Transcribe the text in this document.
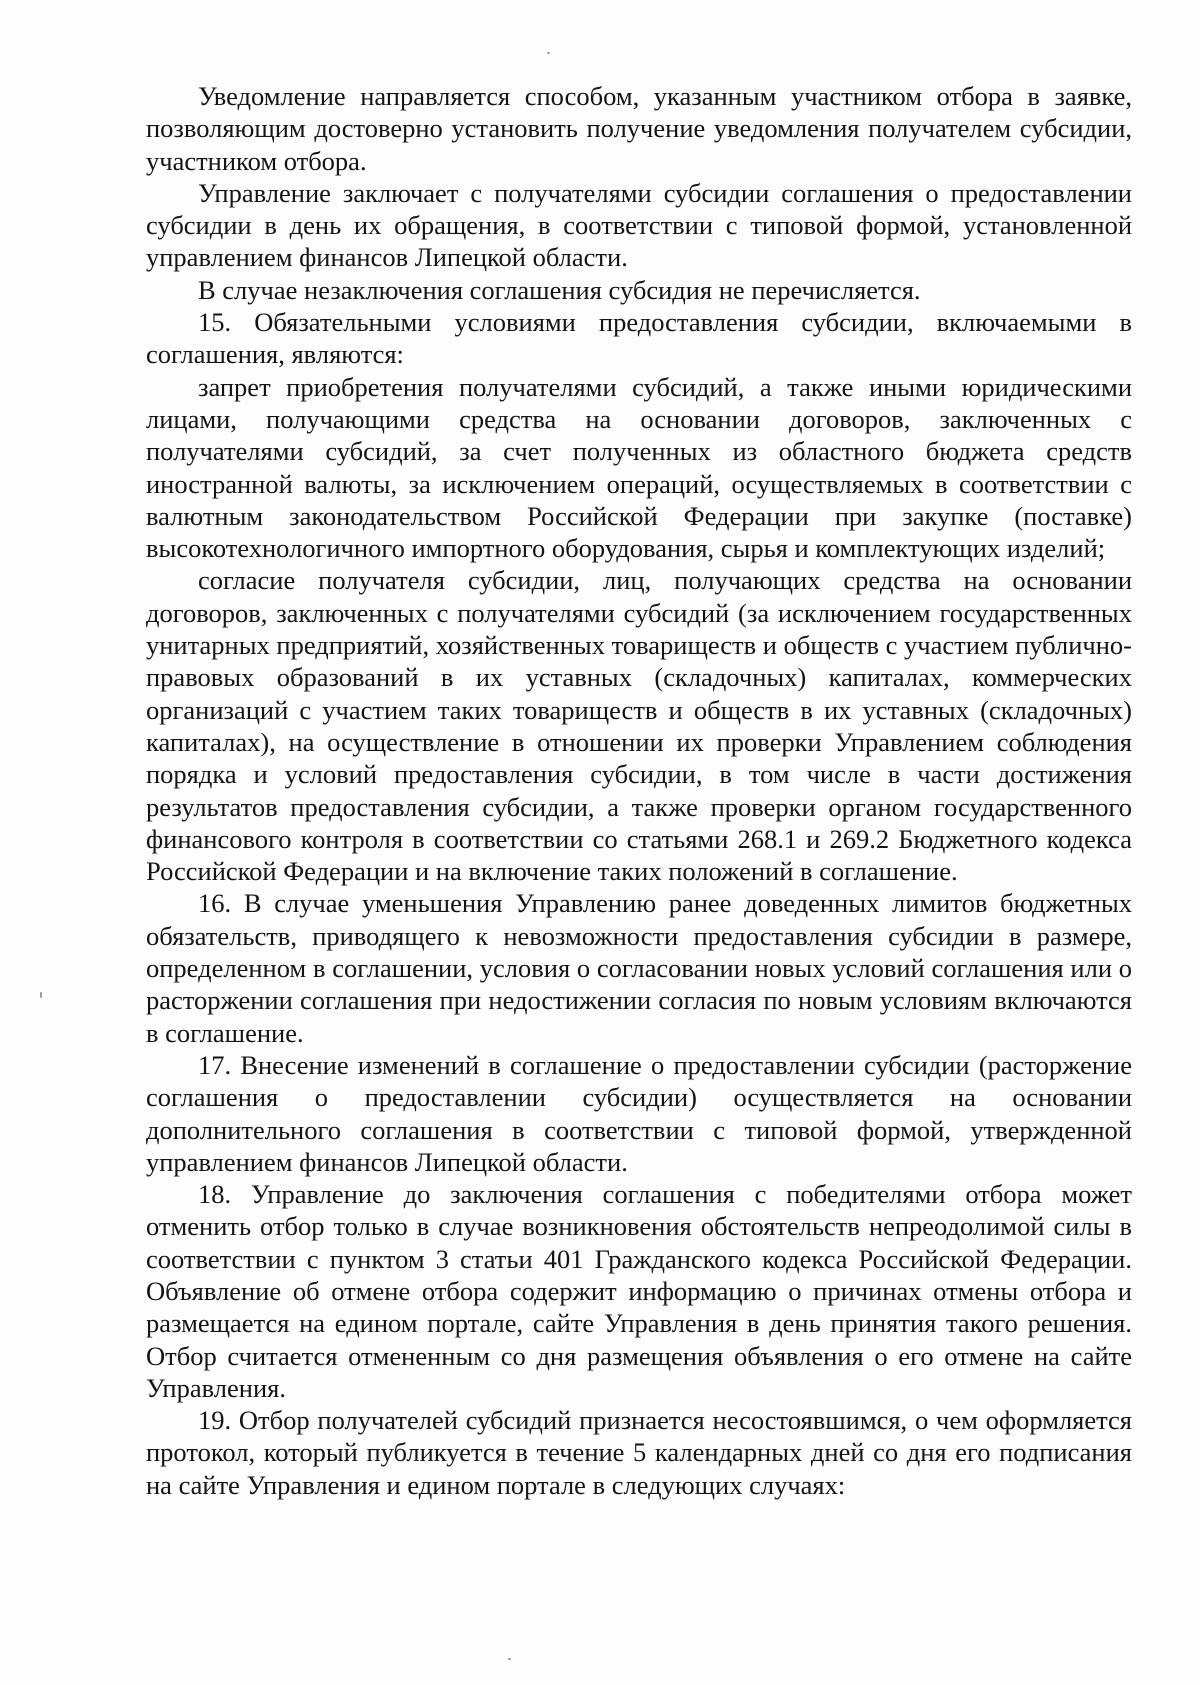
Уведомление направляется способом, указанным участником отбора в заявке, позволяющим достоверно установить получение уведомления получателем субсидии, участником отбора.

Управление заключает с получателями субсидии соглашения о предоставлении субсидии в день их обращения, в соответствии с типовой формой, установленной управлением финансов Липецкой области.

В случае незаключения соглашения субсидия не перечисляется.

15. Обязательными условиями предоставления субсидии, включаемыми в соглашения, являются:

запрет приобретения получателями субсидий, а также иными юридическими лицами, получающими средства на основании договоров, заключенных с получателями субсидий, за счет полученных из областного бюджета средств иностранной валюты, за исключением операций, осуществляемых в соответствии с валютным законодательством Российской Федерации при закупке (поставке) высокотехнологичного импортного оборудования, сырья и комплектующих изделий;

согласие получателя субсидии, лиц, получающих средства на основании договоров, заключенных с получателями субсидий (за исключением государственных унитарных предприятий, хозяйственных товариществ и обществ с участием публично-правовых образований в их уставных (складочных) капиталах, коммерческих организаций с участием таких товариществ и обществ в их уставных (складочных) капиталах), на осуществление в отношении их проверки Управлением соблюдения порядка и условий предоставления субсидии, в том числе в части достижения результатов предоставления субсидии, а также проверки органом государственного финансового контроля в соответствии со статьями 268.1 и 269.2 Бюджетного кодекса Российской Федерации и на включение таких положений в соглашение.

16. В случае уменьшения Управлению ранее доведенных лимитов бюджетных обязательств, приводящего к невозможности предоставления субсидии в размере, определенном в соглашении, условия о согласовании новых условий соглашения или о расторжении соглашения при недостижении согласия по новым условиям включаются в соглашение.

17. Внесение изменений в соглашение о предоставлении субсидии (расторжение соглашения о предоставлении субсидии) осуществляется на основании дополнительного соглашения в соответствии с типовой формой, утвержденной управлением финансов Липецкой области.

18. Управление до заключения соглашения с победителями отбора может отменить отбор только в случае возникновения обстоятельств непреодолимой силы в соответствии с пунктом 3 статьи 401 Гражданского кодекса Российской Федерации. Объявление об отмене отбора содержит информацию о причинах отмены отбора и размещается на едином портале, сайте Управления в день принятия такого решения. Отбор считается отмененным со дня размещения объявления о его отмене на сайте Управления.

19. Отбор получателей субсидий признается несостоявшимся, о чем оформляется протокол, который публикуется в течение 5 календарных дней со дня его подписания на сайте Управления и едином портале в следующих случаях:
